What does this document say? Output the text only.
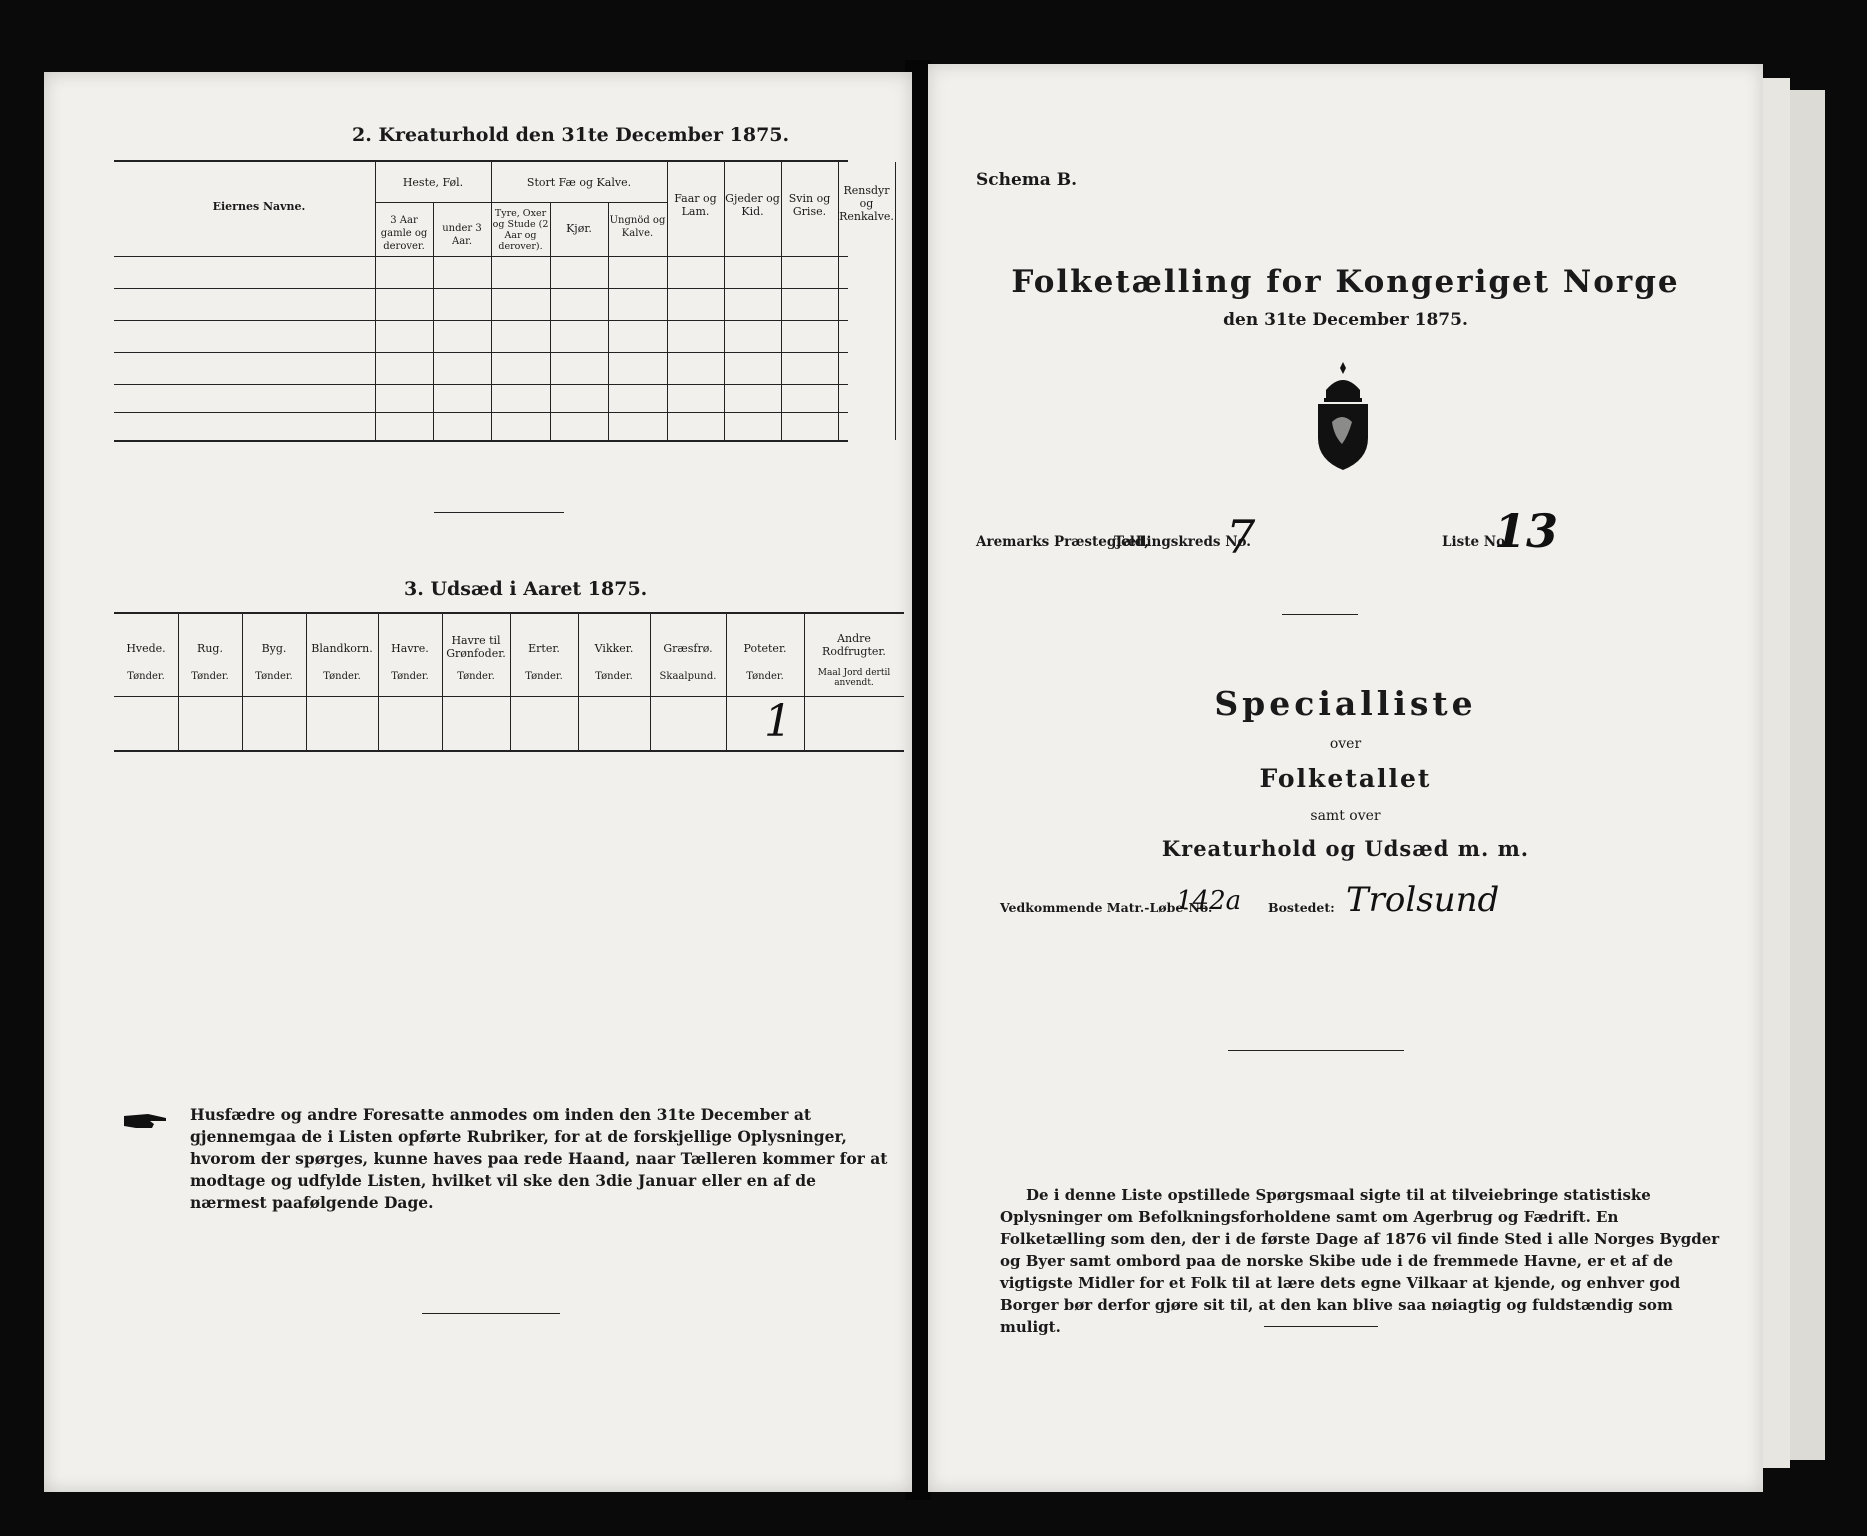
2. Kreaturhold den 31te December 1875.
Eiernes Navne.
Heste, Føl.
3 Aar gamle og derover.
under 3 Aar.
Stort Fæ og Kalve.
Tyre, Oxer og Stude (2 Aar og derover).
Kjør.
Ungnöd og Kalve.
Faar og Lam.
Gjeder og Kid.
Svin og Grise.
Rensdyr og Renkalve.
3. Udsæd i Aaret 1875.
Hvede.
Tønder.
Rug.
Tønder.
Byg.
Tønder.
Blandkorn.
Tønder.
Havre.
Tønder.
Havre til Grønfoder.
Tønder.
Erter.
Tønder.
Vikker.
Tønder.
Græsfrø.
Skaalpund.
Poteter.
Tønder.
Andre Rodfrugter.
Maal Jord dertil anvendt.
1
Husfædre og andre Foresatte anmodes om inden den 31te December at gjennemgaa de i Listen opførte Rubriker, for at de forskjellige Oplysninger, hvorom der spørges, kunne haves paa rede Haand, naar Tælleren kommer for at modtage og udfylde Listen, hvilket vil ske den 3die Januar eller en af de nærmest paafølgende Dage.
Schema B.
Folketælling for Kongeriget Norge
den 31te December 1875.
Aremarks Præstegjeld,
Tællingskreds No.
7	Liste No.
13
Specialliste
over
Folketallet
samt over
Kreaturhold og Udsæd m. m.
Vedkommende Matr.-Løbe-No.
142a Bostedet: Trolsund
De i denne Liste opstillede Spørgsmaal sigte til at tilveiebringe statistiske Oplysninger om Befolkningsforholdene samt om Agerbrug og Fædrift. En Folketælling som den, der i de første Dage af 1876 vil finde Sted i alle Norges Bygder og Byer samt ombord paa de norske Skibe ude i de fremmede Havne, er et af de vigtigste Midler for et Folk til at lære dets egne Vilkaar at kjende, og enhver god Borger bør derfor gjøre sit til, at den kan blive saa nøiagtig og fuldstændig som muligt.
